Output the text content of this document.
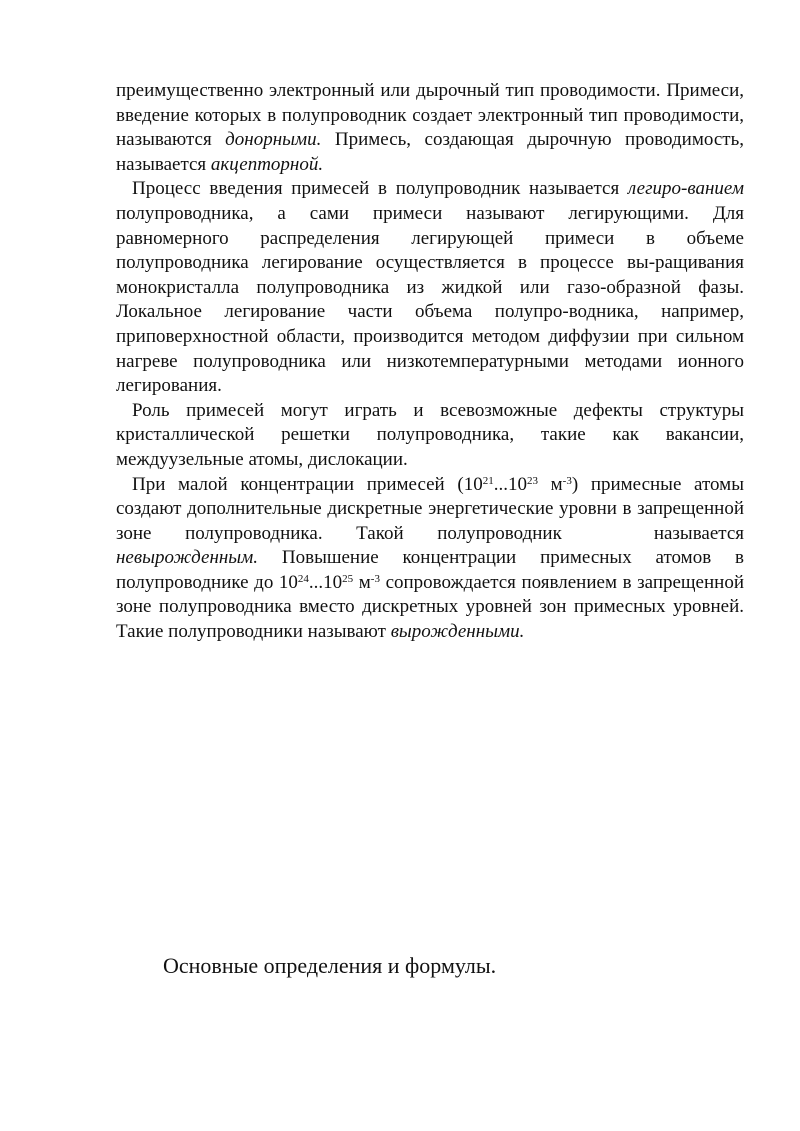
преимущественно электронный или дырочный тип проводимости. Примеси, введение которых в полупроводник создает электронный тип проводимости, называются донорными. Примесь, создающая дырочную проводимость, называется акцепторной.

Процесс введения примесей в полупроводник называется легиро-ванием полупроводника, а сами примеси называют легирующими. Для равномерного распределения легирующей примеси в объеме полупроводника легирование осуществляется в процессе вы-ращивания монокристалла полупроводника из жидкой или газо-образной фазы. Локальное легирование части объема полупро-водника, например, приповерхностной области, производится методом диффузии при сильном нагреве полупроводника или низкотемпературными методами ионного легирования.

Роль примесей могут играть и всевозможные дефекты структуры кристаллической решетки полупроводника, такие как ваканcии, междуузельные атомы, дислокации.

При малой концентрации примесей ($10^{21}...10^{23}$ $м^{-3}$) примесные атомы создают дополнительные дискретные энергетические уровни в запрещенной зоне полупроводника. Такой полупроводник	называется невырожденным. Повышение концентрации примесных атомов в полупроводнике до $10^{24}...10^{25}$ $м^{-3}$ сопровождается появлением в запрещенной зоне полупроводника вместо дискретных уровней зон примесных уровней. Такие полупроводники называют вырожденными.

Основные определения и формулы.
